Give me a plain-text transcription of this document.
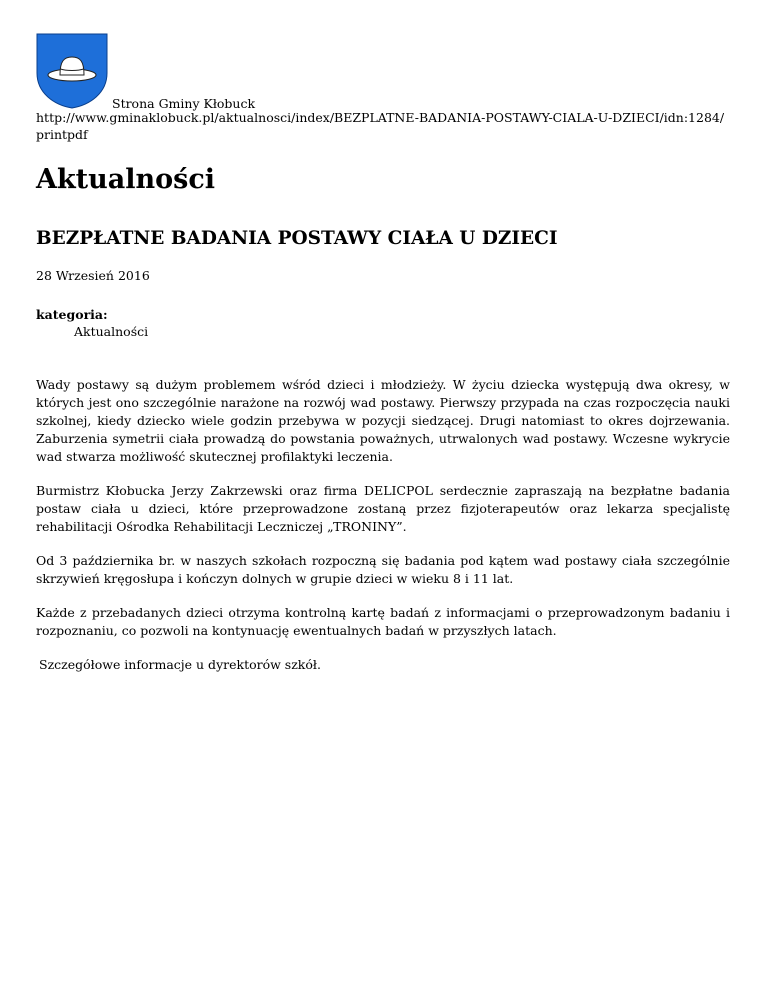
Strona Gminy Kłobuck

http://www.gminaklobuck.pl/aktualnosci/index/BEZPLATNE-BADANIA-POSTAWY-CIALA-U-DZIECI/idn:1284/printpdf

Aktualności
BEZPŁATNE BADANIA POSTAWY CIAŁA U DZIECI

28 Wrzesień 2016

kategoria:

Aktualności

Wady postawy są dużym problemem wśród dzieci i młodzieży. W życiu dziecka występują dwa okresy, w których jest ono szczególnie narażone na rozwój wad postawy. Pierwszy przypada na czas rozpoczęcia nauki szkolnej, kiedy dziecko wiele godzin przebywa w pozycji siedzącej. Drugi natomiast to okres dojrzewania. Zaburzenia symetrii ciała prowadzą do powstania poważnych, utrwalonych wad postawy. Wczesne wykrycie wad stwarza możliwość skutecznej profilaktyki leczenia.

Burmistrz Kłobucka Jerzy Zakrzewski oraz firma DELICPOL serdecznie zapraszają na bezpłatne badania postaw ciała u dzieci, które przeprowadzone zostaną przez fizjoterapeutów oraz lekarza specjalistę rehabilitacji Ośrodka Rehabilitacji Leczniczej „TRONINY”.

Od 3 października br. w naszych szkołach rozpoczną się badania pod kątem wad postawy ciała szczególnie skrzywień kręgosłupa i kończyn dolnych w grupie dzieci w wieku 8 i 11 lat.

Każde z przebadanych dzieci otrzyma kontrolną kartę badań z informacjami o przeprowadzonym badaniu i rozpoznaniu, co pozwoli na kontynuację ewentualnych badań w przyszłych latach.

Szczegółowe informacje u dyrektorów szkół.
